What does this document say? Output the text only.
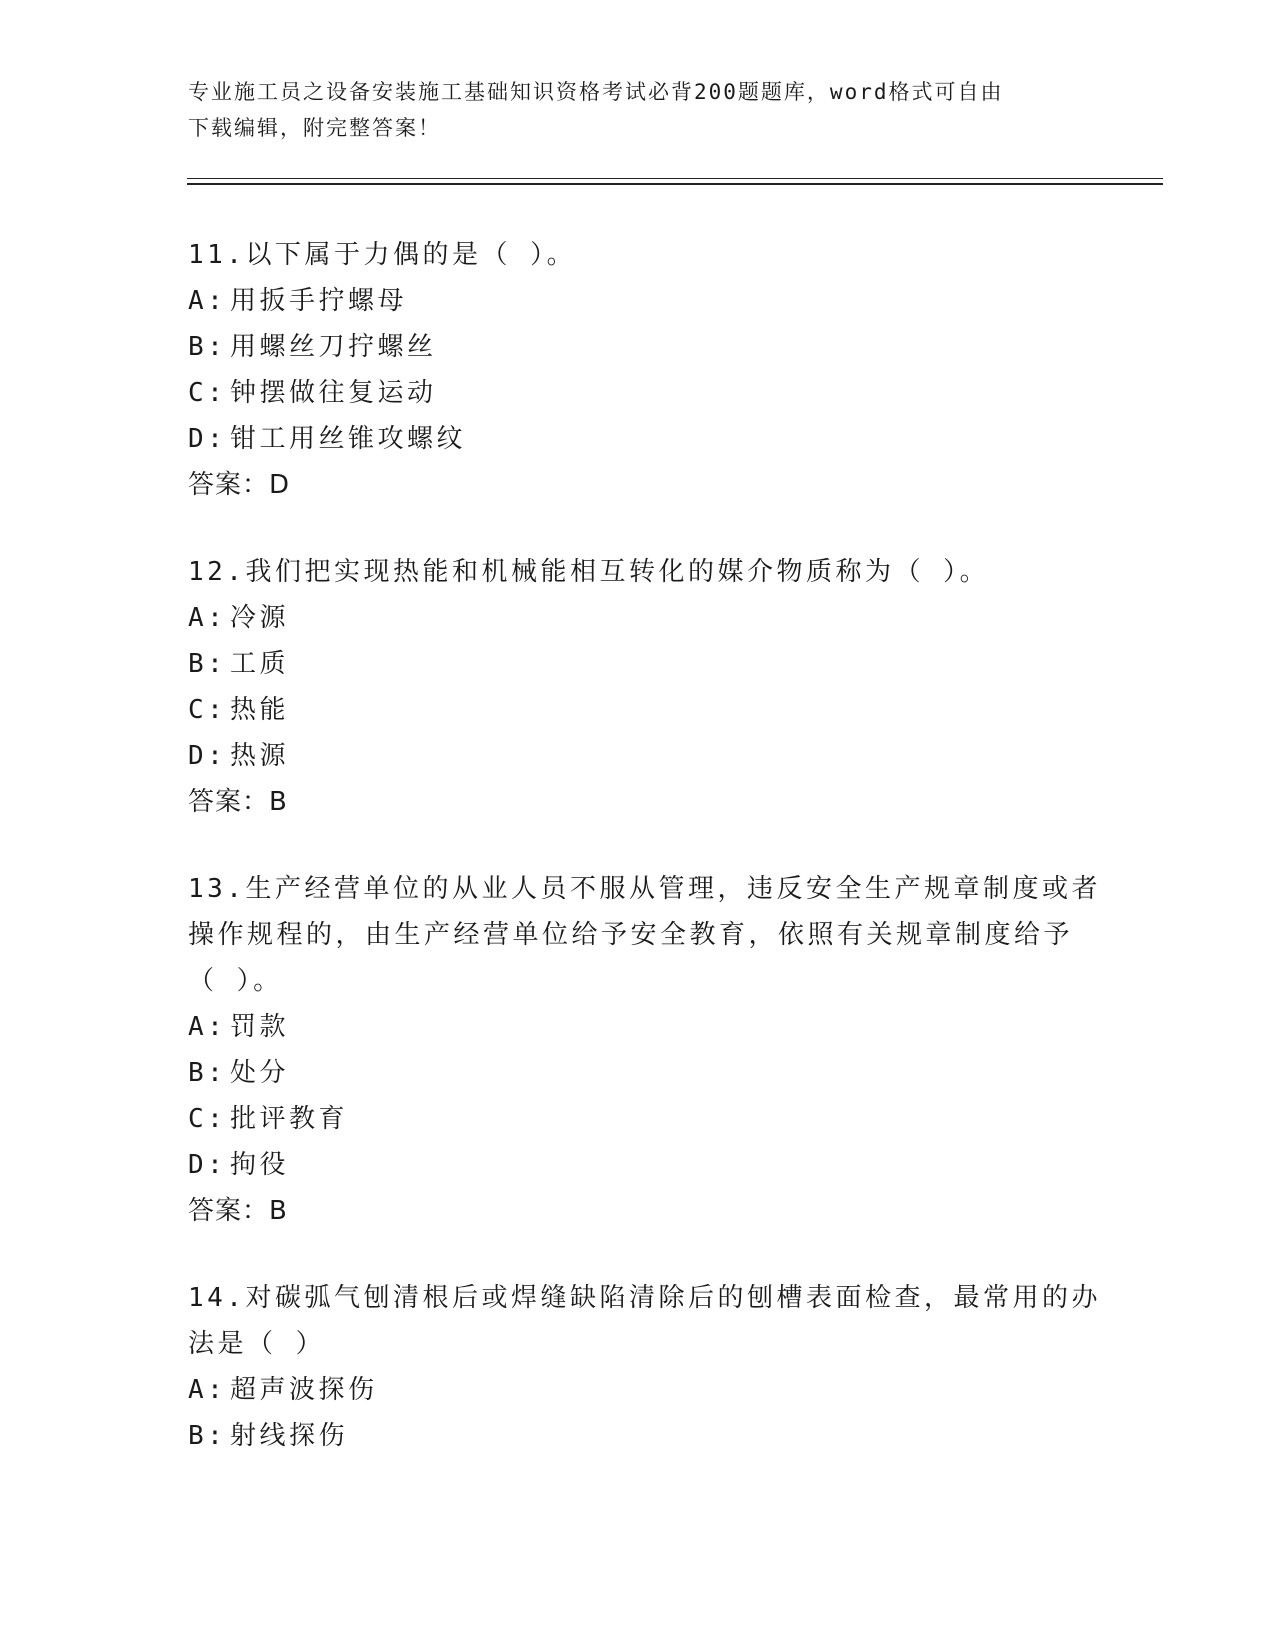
专业施工员之设备安装施工基础知识资格考试必背200题题库，word格式可自由
下载编辑，附完整答案！
11.以下属于力偶的是（ ）。
A: 用扳手拧螺母
B: 用螺丝刀拧螺丝
C: 钟摆做往复运动
D: 钳工用丝锥攻螺纹
答案：D
12.我们把实现热能和机械能相互转化的媒介物质称为（ ）。
A: 冷源
B: 工质
C: 热能
D: 热源
答案：B
13.生产经营单位的从业人员不服从管理，违反安全生产规章制度或者
操作规程的，由生产经营单位给予安全教育，依照有关规章制度给予
（ ）。
A: 罚款
B: 处分
C: 批评教育
D: 拘役
答案：B
14.对碳弧气刨清根后或焊缝缺陷清除后的刨槽表面检查，最常用的办
法是（ ）
A: 超声波探伤
B: 射线探伤
